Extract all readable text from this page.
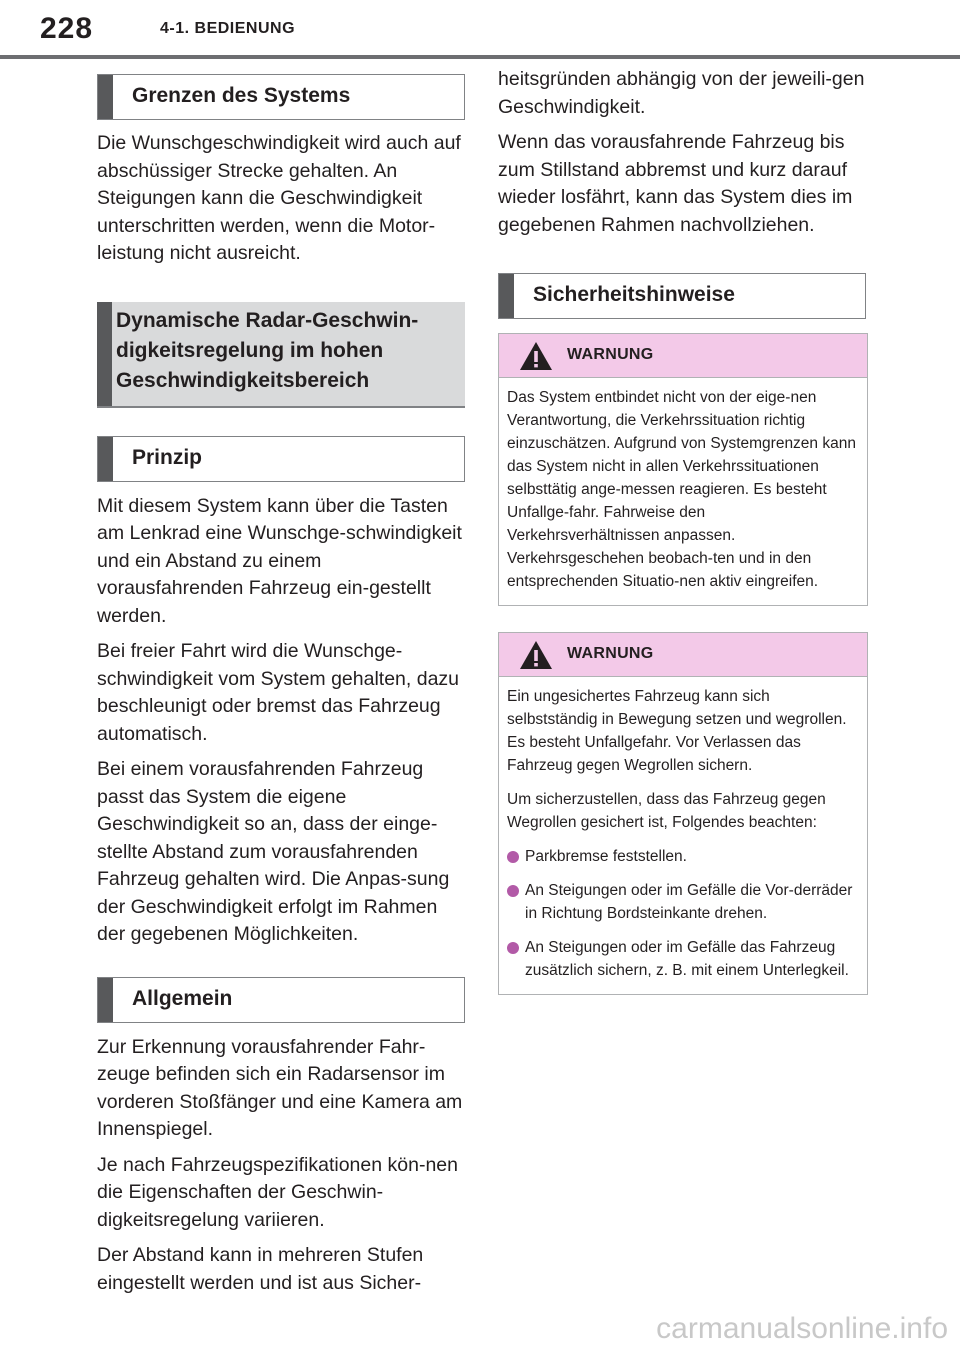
228	4-1. BEDIENUNG
Grenzen des Systems

Die Wunschgeschwindigkeit wird auch auf abschüssiger Strecke gehalten. An Steigungen kann die Geschwindigkeit unterschritten werden, wenn die Motor-leistung nicht ausreicht.

Dynamische Radar-Geschwin-digkeitsregelung im hohen Geschwindigkeitsbereich
Prinzip

Mit diesem System kann über die Tasten am Lenkrad eine Wunschge-schwindigkeit und ein Abstand zu einem vorausfahrenden Fahrzeug ein-gestellt werden.

Bei freier Fahrt wird die Wunschge-schwindigkeit vom System gehalten, dazu beschleunigt oder bremst das Fahrzeug automatisch.

Bei einem vorausfahrenden Fahrzeug passt das System die eigene Geschwindigkeit so an, dass der einge-stellte Abstand zum vorausfahrenden Fahrzeug gehalten wird. Die Anpas-sung der Geschwindigkeit erfolgt im Rahmen der gegebenen Möglichkeiten.

Allgemein

Zur Erkennung vorausfahrender Fahr-zeuge befinden sich ein Radarsensor im vorderen Stoßfänger und eine Kamera am Innenspiegel.

Je nach Fahrzeugspezifikationen kön-nen die Eigenschaften der Geschwin-digkeitsregelung variieren.

Der Abstand kann in mehreren Stufen eingestellt werden und ist aus Sicher-

heitsgründen abhängig von der jeweili-gen Geschwindigkeit.

Wenn das vorausfahrende Fahrzeug bis zum Stillstand abbremst und kurz darauf wieder losfährt, kann das System dies im gegebenen Rahmen nachvollziehen.

Sicherheitshinweise
WARNUNG

Das System entbindet nicht von der eige-nen Verantwortung, die Verkehrssituation richtig einzuschätzen. Aufgrund von Systemgrenzen kann das System nicht in allen Verkehrssituationen selbsttätig ange-messen reagieren. Es besteht Unfallge-fahr. Fahrweise den Verkehrsverhältnissen anpassen. Verkehrsgeschehen beobach-ten und in den entsprechenden Situatio-nen aktiv eingreifen.

WARNUNG

Ein ungesichertes Fahrzeug kann sich selbstständig in Bewegung setzen und wegrollen. Es besteht Unfallgefahr. Vor Verlassen das Fahrzeug gegen Wegrollen sichern.

Um sicherzustellen, dass das Fahrzeug gegen Wegrollen gesichert ist, Folgendes beachten:

Parkbremse feststellen.
An Steigungen oder im Gefälle die Vor-derräder in Richtung Bordsteinkante drehen.
An Steigungen oder im Gefälle das Fahrzeug zusätzlich sichern, z. B. mit einem Unterlegkeil.
carmanualsonline.info
